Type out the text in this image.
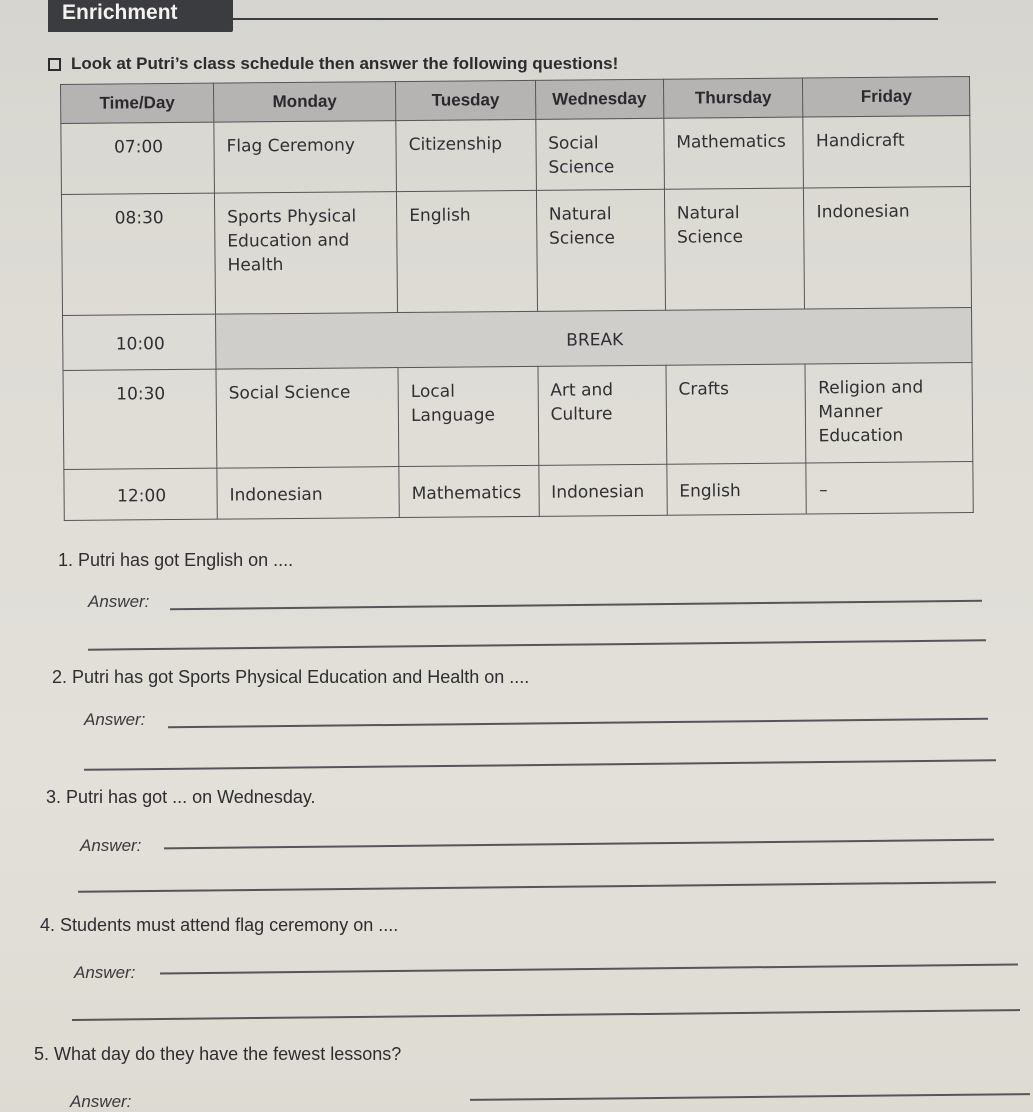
Enrichment
Look at Putri’s class schedule then answer the following questions!
Time/Day	Monday	Tuesday	Wednesday	Thursday	Friday
07:00	Flag Ceremony	Citizenship	Social Science	Mathematics	Handicraft
08:30	Sports Physical Education and Health	English	Natural Science	Natural Science	Indonesian
10:00	BREAK				
10:30	Social Science	Local Language	Art and Culture	Crafts	Religion and Manner Education
12:00	Indonesian	Mathematics	Indonesian	English	–
1. Putri has got English on ....
Answer:
2. Putri has got Sports Physical Education and Health on ....
Answer:
3. Putri has got ... on Wednesday.
Answer:
4. Students must attend flag ceremony on ....
Answer:
5. What day do they have the fewest lessons?
Answer:
